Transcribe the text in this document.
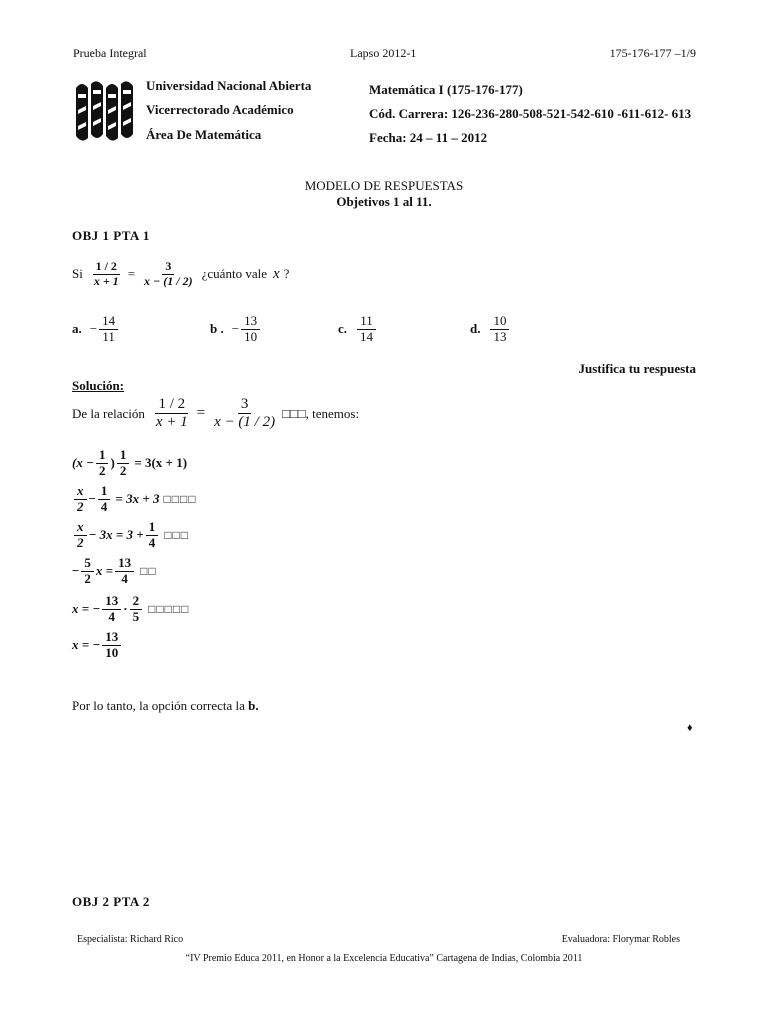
Prueba Integral	Lapso 2012-1	175-176-177 –1/9
Universidad Nacional Abierta
Vicerrectorado Académico
Área De Matemática
Matemática I (175-176-177)
Cód. Carrera: 126-236-280-508-521-542-610 -611-612- 613
Fecha: 24 – 11 – 2012
MODELO DE RESPUESTAS
Objetivos 1 al 11.
OBJ 1 PTA 1
Si $\frac{1 / 2}{x + 1} = \frac{3}{x - (1 / 2)}$ ¿cuánto vale x ?
a. − $\frac{14}{11}$	b . − $\frac{13}{10}$	c. $\frac{11}{14}$	d. $\frac{10}{13}$
Justifica tu respuesta
Solución:
De la relación $\frac{1 / 2}{x + 1} = \frac{3}{x - (1 / 2)}$ □□□, tenemos:
($x - \frac{1}{2}$ ) $\frac{1}{2} = 3(x + 1)$
$\frac{x}{2} - \frac{1}{4} = 3x + 3$ □□□□
$\frac{x}{2} - 3x = 3 + \frac{1}{4}$ □□□
− $\frac{5}{2}$ $x = \frac{13}{4}$ □□
x = − $\frac{13}{4} \cdot \frac{2}{5}$ □□□□□
x = − $\frac{13}{10}$
Por lo tanto, la opción correcta la b.
♦
OBJ 2 PTA 2
Especialista: Richard Rico	Evaluadora: Florymar Robles
“IV Premio Educa 2011, en Honor a la Excelencia Educativa” Cartagena de Indias, Colombia 2011
